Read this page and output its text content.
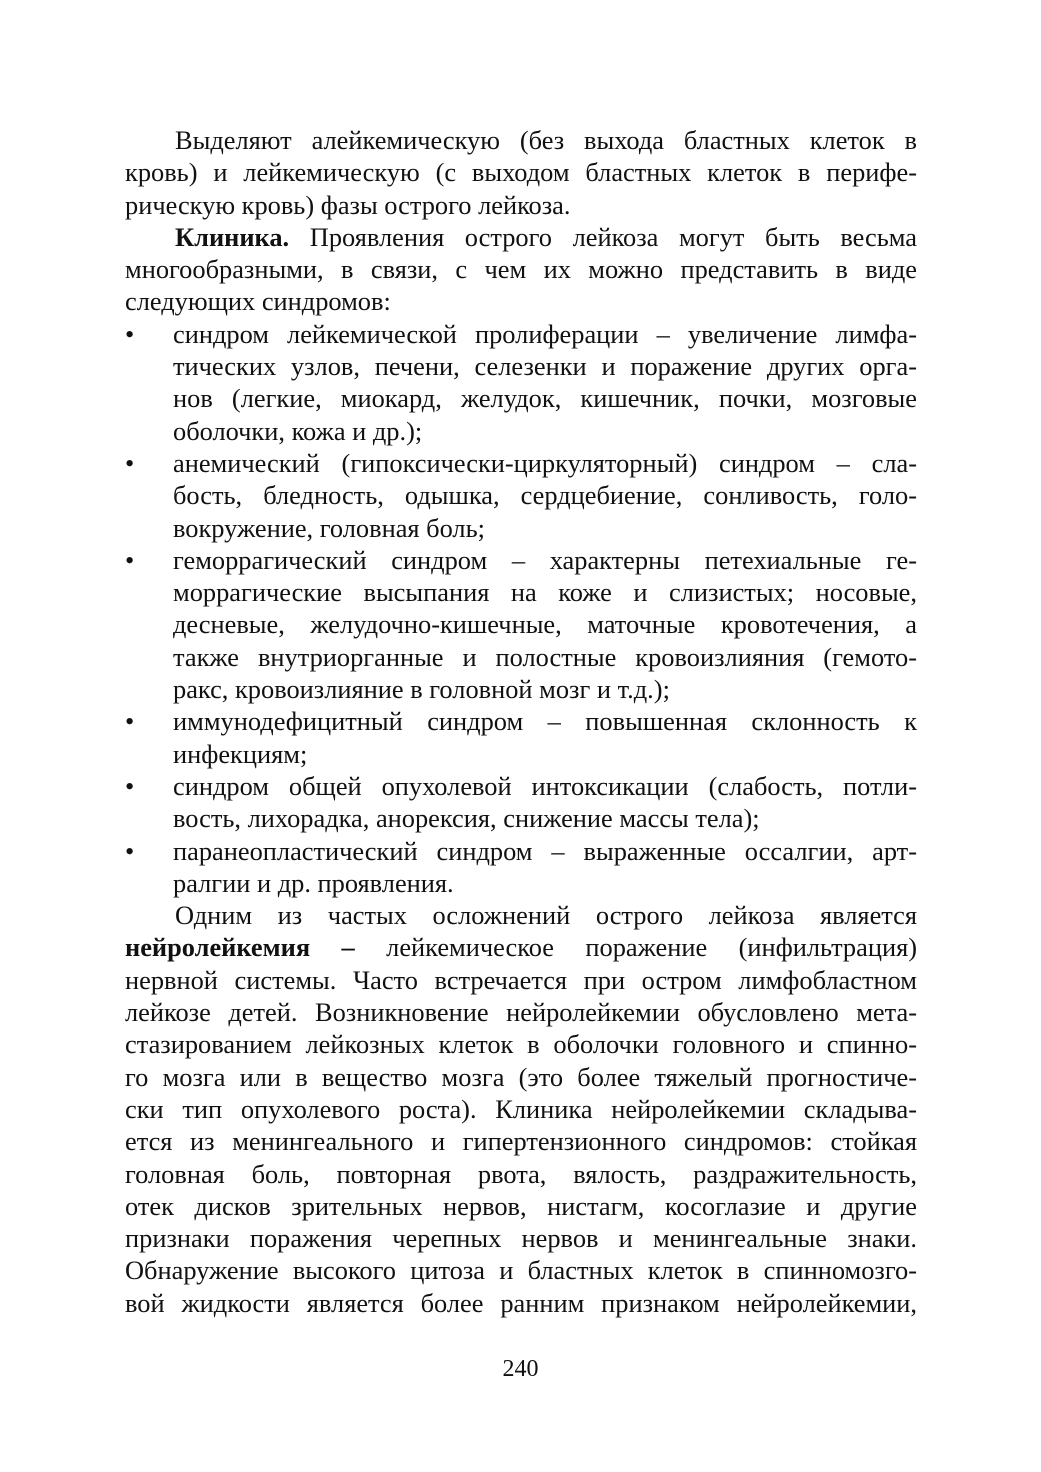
Выделяют алейкемическую (без выхода бластных клеток в
кровь) и лейкемическую (с выходом бластных клеток в перифе-
рическую кровь) фазы острого лейкоза.

Клиника. Проявления острого лейкоза могут быть весьма
многообразными, в связи, с чем их можно представить в виде
следующих синдромов:

• синдром лейкемической пролиферации – увеличение лимфа-
тических узлов, печени, селезенки и поражение других орга-
нов (легкие, миокард, желудок, кишечник, почки, мозговые
оболочки, кожа и др.);
• анемический (гипоксически-циркуляторный) синдром – сла-
бость, бледность, одышка, сердцебиение, сонливость, голо-
вокружение, головная боль;
• геморрагический синдром – характерны петехиальные ге-
моррагические высыпания на коже и слизистых; носовые,
десневые, желудочно-кишечные, маточные кровотечения, а
также внутриорганные и полостные кровоизлияния (гемото-
ракс, кровоизлияние в головной мозг и т.д.);
• иммунодефицитный синдром – повышенная склонность к
инфекциям;
• синдром общей опухолевой интоксикации (слабость, потли-
вость, лихорадка, анорексия, снижение массы тела);
• паранеопластический синдром – выраженные оссалгии, арт-
ралгии и др. проявления.

Одним из частых осложнений острого лейкоза является
нейролейкемия – лейкемическое поражение (инфильтрация)
нервной системы. Часто встречается при остром лимфобластном
лейкозе детей. Возникновение нейролейкемии обусловлено мета-
стазированием лейкозных клеток в оболочки головного и спинно-
го мозга или в вещество мозга (это более тяжелый прогностиче-
ски тип опухолевого роста). Клиника нейролейкемии складыва-
ется из менингеального и гипертензионного синдромов: стойкая
головная боль, повторная рвота, вялость, раздражительность,
отек дисков зрительных нервов, нистагм, косоглазие и другие
признаки поражения черепных нервов и менингеальные знаки.
Обнаружение высокого цитоза и бластных клеток в спинномозго-
вой жидкости является более ранним признаком нейролейкемии,

240
